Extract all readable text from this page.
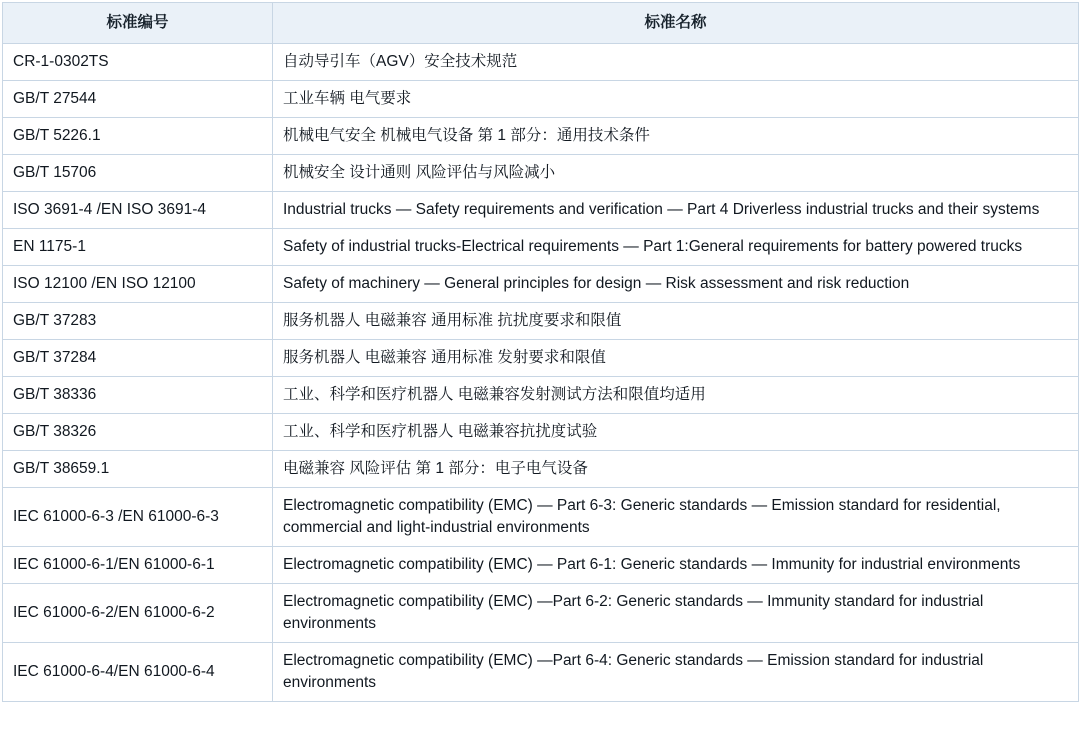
标准编号	标准名称
CR-1-0302TS	自动导引车（AGV）安全技术规范
GB/T 27544	工业车辆 电气要求
GB/T 5226.1	机械电气安全 机械电气设备 第 1 部分：通用技术条件
GB/T 15706	机械安全 设计通则 风险评估与风险减小
ISO 3691-4 /EN ISO 3691-4	Industrial trucks — Safety requirements and verification — Part 4 Driverless industrial trucks and their systems
EN 1175-1	Safety of industrial trucks-Electrical requirements — Part 1:General requirements for battery powered trucks
ISO 12100 /EN ISO 12100	Safety of machinery — General principles for design — Risk assessment and risk reduction
GB/T 37283	服务机器人 电磁兼容 通用标准 抗扰度要求和限值
GB/T 37284	服务机器人 电磁兼容 通用标准 发射要求和限值
GB/T 38336	工业、科学和医疗机器人 电磁兼容发射测试方法和限值均适用
GB/T 38326	工业、科学和医疗机器人 电磁兼容抗扰度试验
GB/T 38659.1	电磁兼容 风险评估 第 1 部分：电子电气设备
IEC 61000-6-3 /EN 61000-6-3	Electromagnetic compatibility (EMC) — Part 6-3: Generic standards — Emission standard for residential, commercial and light-industrial environments
IEC 61000-6-1/EN 61000-6-1	Electromagnetic compatibility (EMC) — Part 6-1: Generic standards — Immunity for industrial environments
IEC 61000-6-2/EN 61000-6-2	Electromagnetic compatibility (EMC) —Part 6-2: Generic standards — Immunity standard for industrial environments
IEC 61000-6-4/EN 61000-6-4	Electromagnetic compatibility (EMC) —Part 6-4: Generic standards — Emission standard for industrial environments
